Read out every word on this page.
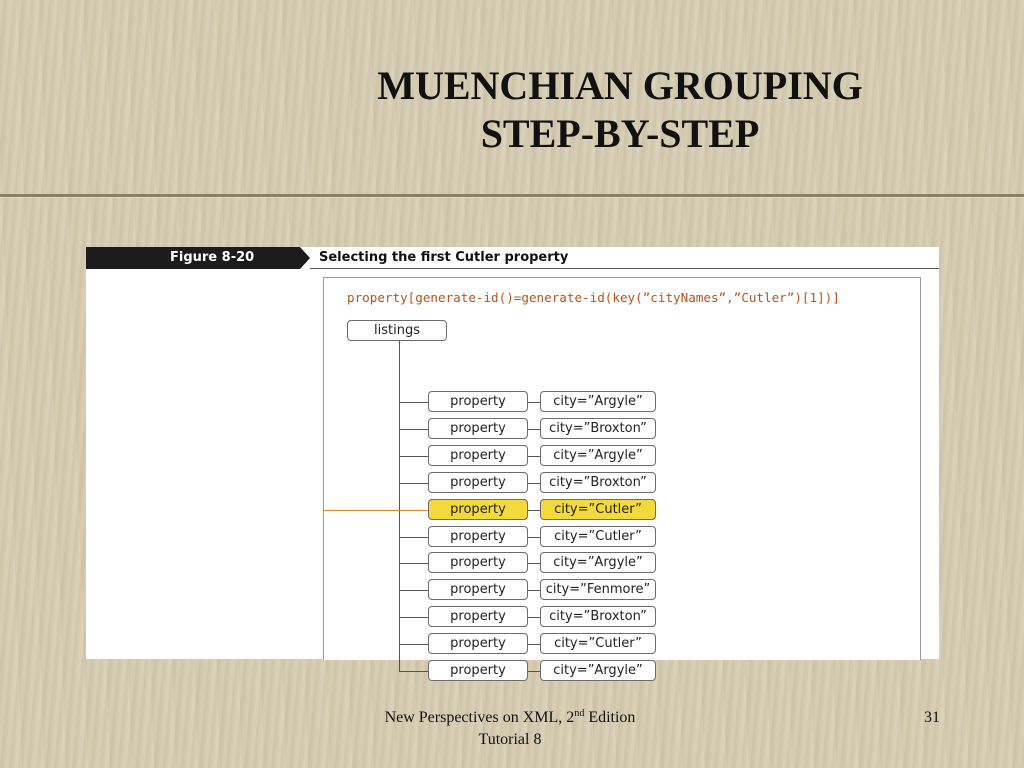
MUENCHIAN GROUPING
STEP-BY-STEP
Figure 8-20	Selecting the first Cutler property
property[generate-id()=generate-id(key(”cityNames”,”Cutler”)[1])]
listings
property	city=”Argyle”
property	city=”Broxton”
property	city=”Argyle”
property	city=”Broxton”
property	city=”Cutler”
property	city=”Cutler”
property	city=”Argyle”
property	city=”Fenmore”
property	city=”Broxton”
property	city=”Cutler”
property	city=”Argyle”
New Perspectives on XML, 2nd Edition
Tutorial 8
31
